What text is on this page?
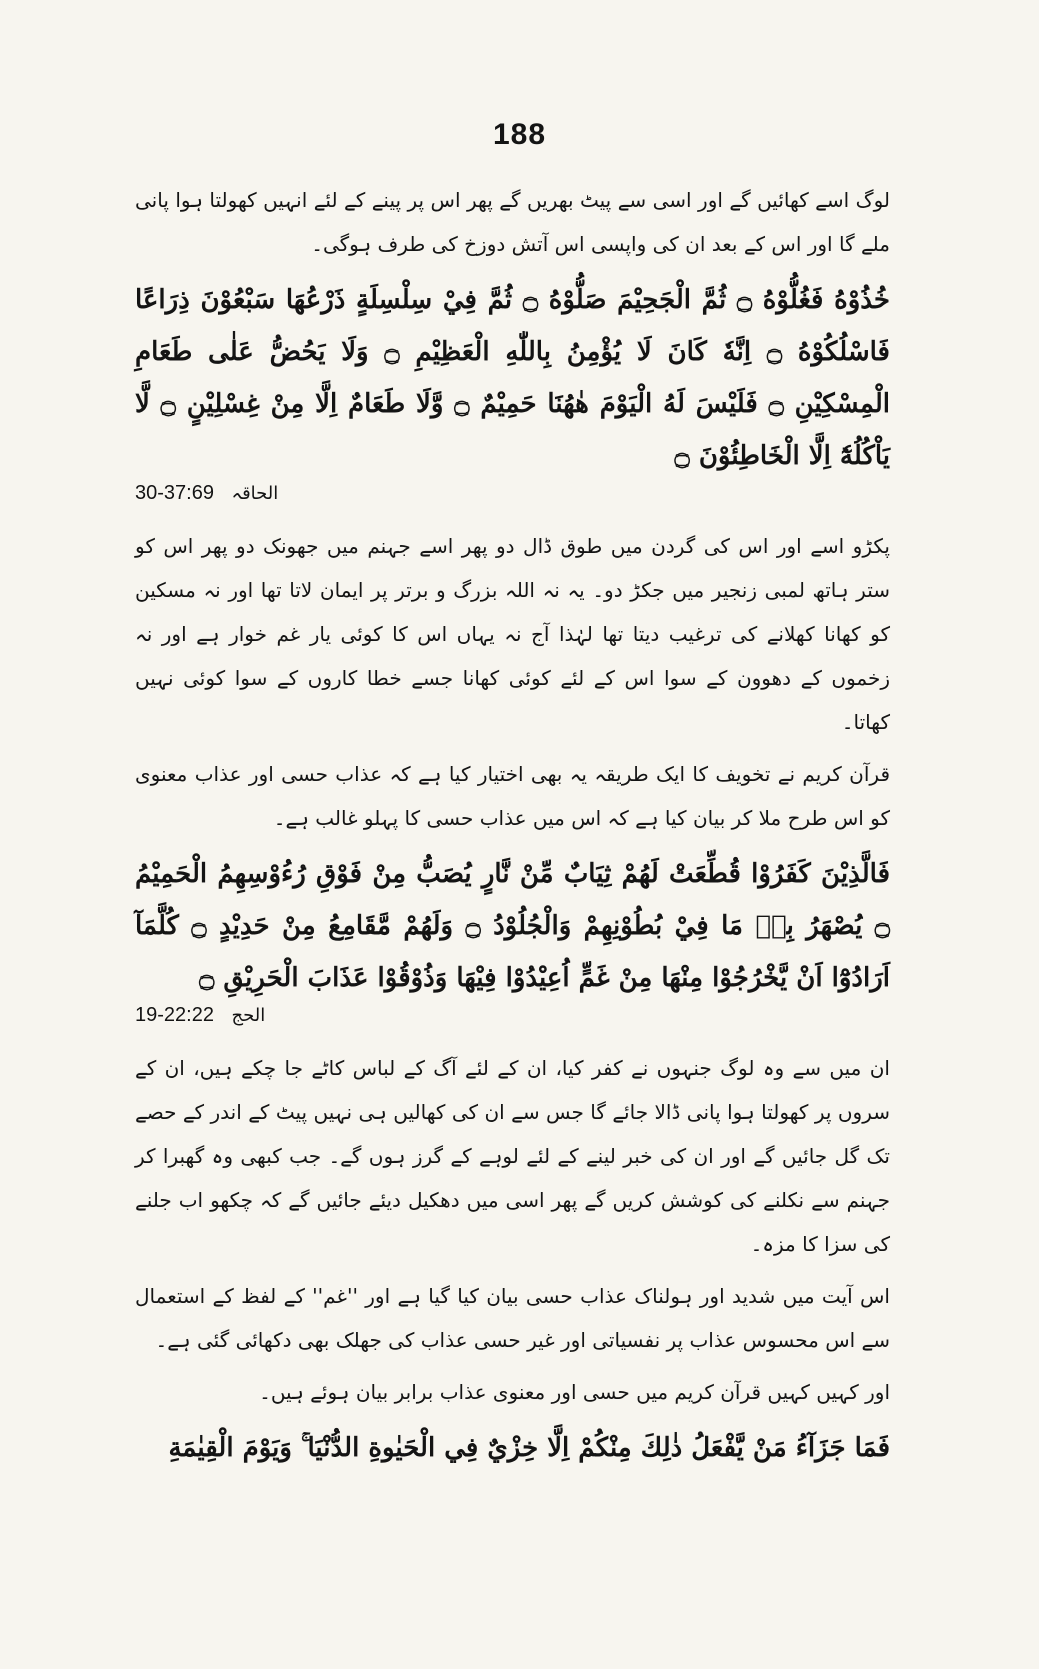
188

لوگ اسے کھائیں گے اور اسی سے پیٹ بھریں گے پھر اس پر پینے کے لئے انہیں کھولتا ہوا پانی ملے گا اور اس کے بعد ان کی واپسی اس آتش دوزخ کی طرف ہوگی۔

خُذُوْهُ فَغُلُّوْهُ ۝ ثُمَّ الْجَحِيْمَ صَلُّوْهُ ۝ ثُمَّ فِيْ سِلْسِلَةٍ ذَرْعُهَا سَبْعُوْنَ ذِرَاعًا فَاسْلُكُوْهُ ۝ اِنَّهٗ كَانَ لَا يُؤْمِنُ بِاللّٰهِ الْعَظِيْمِ ۝ وَلَا يَحُضُّ عَلٰى طَعَامِ الْمِسْكِيْنِ ۝ فَلَيْسَ لَهُ الْيَوْمَ هٰهُنَا حَمِيْمٌ ۝ وَّلَا طَعَامٌ اِلَّا مِنْ غِسْلِيْنٍ ۝ لَّا يَاْكُلُهٗٓ اِلَّا الْخَاطِئُوْنَ ۝

30-37:69 الحاقہ

پکڑو اسے اور اس کی گردن میں طوق ڈال دو پھر اسے جہنم میں جھونک دو پھر اس کو ستر ہاتھ لمبی زنجیر میں جکڑ دو۔ یہ نہ اللہ بزرگ و برتر پر ایمان لاتا تھا اور نہ مسکین کو کھانا کھلانے کی ترغیب دیتا تھا لہٰذا آج نہ یہاں اس کا کوئی یار غم خوار ہے اور نہ زخموں کے دھوون کے سوا اس کے لئے کوئی کھانا جسے خطا کاروں کے سوا کوئی نہیں کھاتا۔

قرآن کریم نے تخویف کا ایک طریقہ یہ بھی اختیار کیا ہے کہ عذاب حسی اور عذاب معنوی کو اس طرح ملا کر بیان کیا ہے کہ اس میں عذاب حسی کا پہلو غالب ہے۔

فَالَّذِيْنَ كَفَرُوْا قُطِّعَتْ لَهُمْ ثِيَابٌ مِّنْ نَّارٍ يُصَبُّ مِنْ فَوْقِ رُءُوْسِهِمُ الْحَمِيْمُ ۝ يُصْهَرُ بِهٖ مَا فِيْ بُطُوْنِهِمْ وَالْجُلُوْدُ ۝ وَلَهُمْ مَّقَامِعُ مِنْ حَدِيْدٍ ۝ كُلَّمَآ اَرَادُوْٓا اَنْ يَّخْرُجُوْا مِنْهَا مِنْ غَمٍّ اُعِيْدُوْا فِيْهَا وَذُوْقُوْا عَذَابَ الْحَرِيْقِ ۝

19-22:22 الحج

ان میں سے وہ لوگ جنہوں نے کفر کیا، ان کے لئے آگ کے لباس کاٹے جا چکے ہیں، ان کے سروں پر کھولتا ہوا پانی ڈالا جائے گا جس سے ان کی کھالیں ہی نہیں پیٹ کے اندر کے حصے تک گل جائیں گے اور ان کی خبر لینے کے لئے لوہے کے گرز ہوں گے۔ جب کبھی وہ گھبرا کر جہنم سے نکلنے کی کوشش کریں گے پھر اسی میں دھکیل دیئے جائیں گے کہ چکھو اب جلنے کی سزا کا مزہ۔

اس آیت میں شدید اور ہولناک عذاب حسی بیان کیا گیا ہے اور ''غم'' کے لفظ کے استعمال سے اس محسوس عذاب پر نفسیاتی اور غیر حسی عذاب کی جھلک بھی دکھائی گئی ہے۔

اور کہیں کہیں قرآن کریم میں حسی اور معنوی عذاب برابر بیان ہوئے ہیں۔

فَمَا جَزَآءُ مَنْ يَّفْعَلُ ذٰلِكَ مِنْكُمْ اِلَّا خِزْيٌ فِي الْحَيٰوةِ الدُّنْيَا ۚ وَيَوْمَ الْقِيٰمَةِ
